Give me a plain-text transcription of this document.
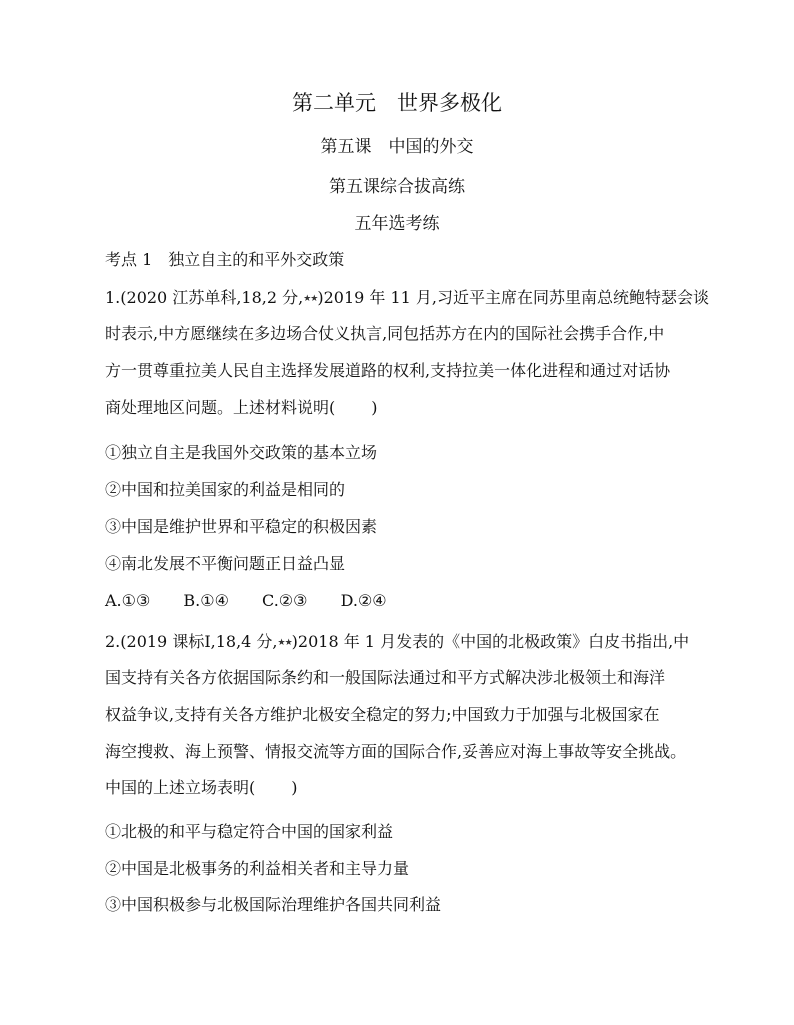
第二单元　世界多极化
第五课　中国的外交
第五课综合拔高练
五年选考练
考点 1　独立自主的和平外交政策
1.(2020 江苏单科,18,2 分,★★)2019 年 11 月,习近平主席在同苏里南总统鲍特瑟会谈
时表示,中方愿继续在多边场合仗义执言,同包括苏方在内的国际社会携手合作,中
方一贯尊重拉美人民自主选择发展道路的权利,支持拉美一体化进程和通过对话协
商处理地区问题。上述材料说明( )
①独立自主是我国外交政策的基本立场
②中国和拉美国家的利益是相同的
③中国是维护世界和平稳定的积极因素
④南北发展不平衡问题正日益凸显
A.①③ B.①④ C.②③ D.②④
2.(2019 课标Ⅰ,18,4 分,★★)2018 年 1 月发表的《中国的北极政策》白皮书指出,中
国支持有关各方依据国际条约和一般国际法通过和平方式解决涉北极领土和海洋
权益争议,支持有关各方维护北极安全稳定的努力;中国致力于加强与北极国家在
海空搜救、海上预警、情报交流等方面的国际合作,妥善应对海上事故等安全挑战。
中国的上述立场表明( )
①北极的和平与稳定符合中国的国家利益
②中国是北极事务的利益相关者和主导力量
③中国积极参与北极国际治理维护各国共同利益
